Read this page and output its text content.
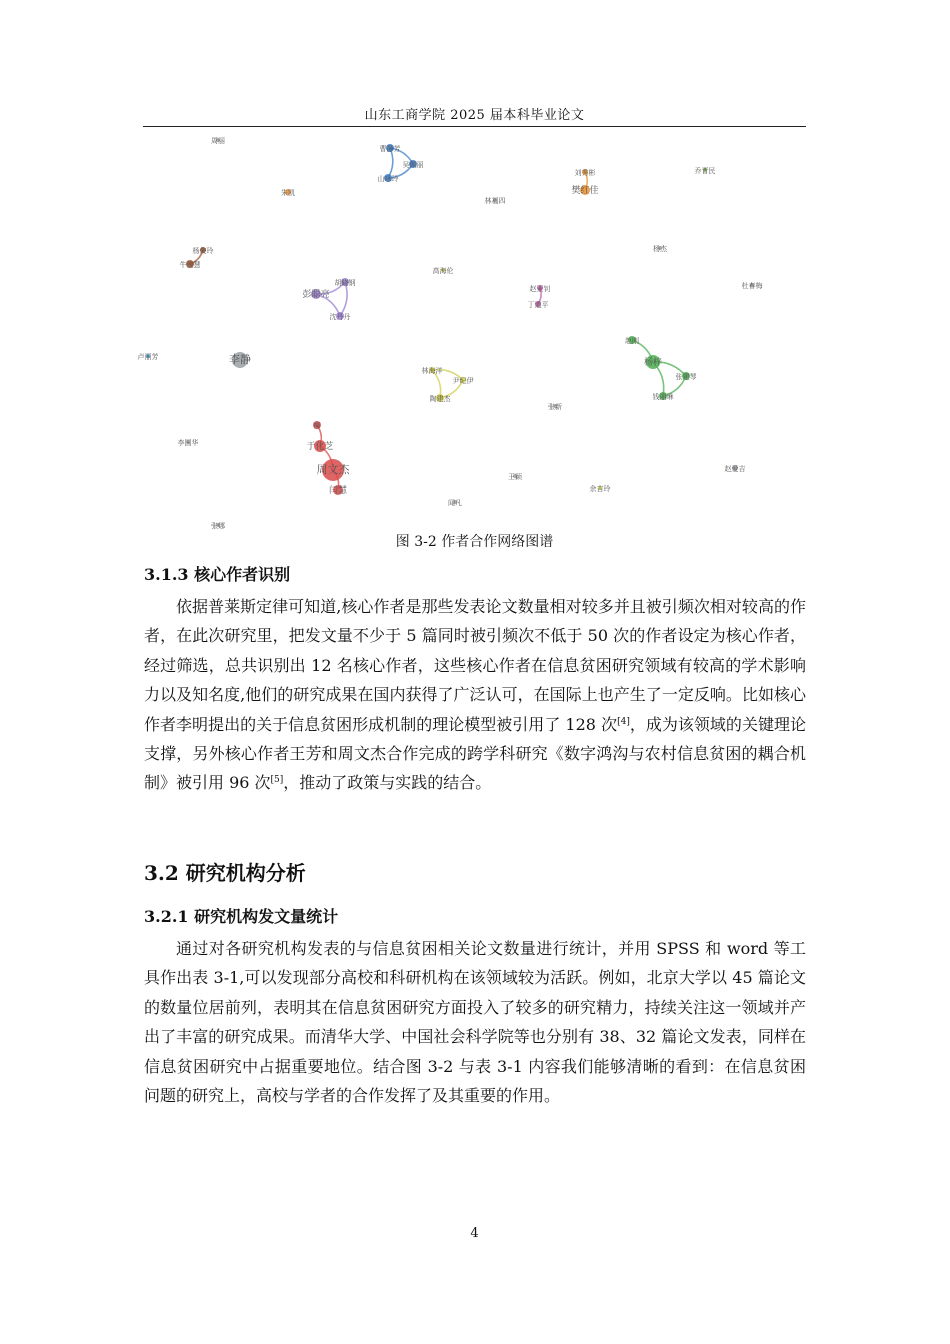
山东工商学院 2025 届本科毕业论文
周丽
曹静芳
吴佩丽
山咏玲
刘秀彬
樊红佳
乔晋民
朱凯
林福四
杨俊玲
牛俊慧
杨杰
胡晓钢
彭聪亮
沈丹丹
高海伦
赵亚钊
丁道平
杜春梅
卢丽芳	李静
赵刚
杨梓
张建琴
钱丽琳
林海洋
尹纪伊
陶建杰
张新
柳
于化芝
李国华
周文杰
闫慧
赵爱吉
王颖
余吉玲
闻凡
张娜
图 3-2 作者合作网络图谱
3.1.3 核心作者识别

依据普莱斯定律可知道,核心作者是那些发表论文数量相对较多并且被引频次相对较高的作者，在此次研究里，把发文量不少于 5 篇同时被引频次不低于 50 次的作者设定为核心作者，经过筛选，总共识别出 12 名核心作者，这些核心作者在信息贫困研究领域有较高的学术影响力以及知名度,他们的研究成果在国内获得了广泛认可，在国际上也产生了一定反响。比如核心作者李明提出的关于信息贫困形成机制的理论模型被引用了 128 次[4]，成为该领域的关键理论支撑，另外核心作者王芳和周文杰合作完成的跨学科研究《数字鸿沟与农村信息贫困的耦合机制》被引用 96 次[5]，推动了政策与实践的结合。

3.2 研究机构分析
3.2.1 研究机构发文量统计

通过对各研究机构发表的与信息贫困相关论文数量进行统计，并用 SPSS 和 word 等工具作出表 3-1,可以发现部分高校和科研机构在该领域较为活跃。例如，北京大学以 45 篇论文的数量位居前列，表明其在信息贫困研究方面投入了较多的研究精力，持续关注这一领域并产出了丰富的研究成果。而清华大学、中国社会科学院等也分别有 38、32 篇论文发表，同样在信息贫困研究中占据重要地位。结合图 3-2 与表 3-1 内容我们能够清晰的看到：在信息贫困问题的研究上，高校与学者的合作发挥了及其重要的作用。

4
